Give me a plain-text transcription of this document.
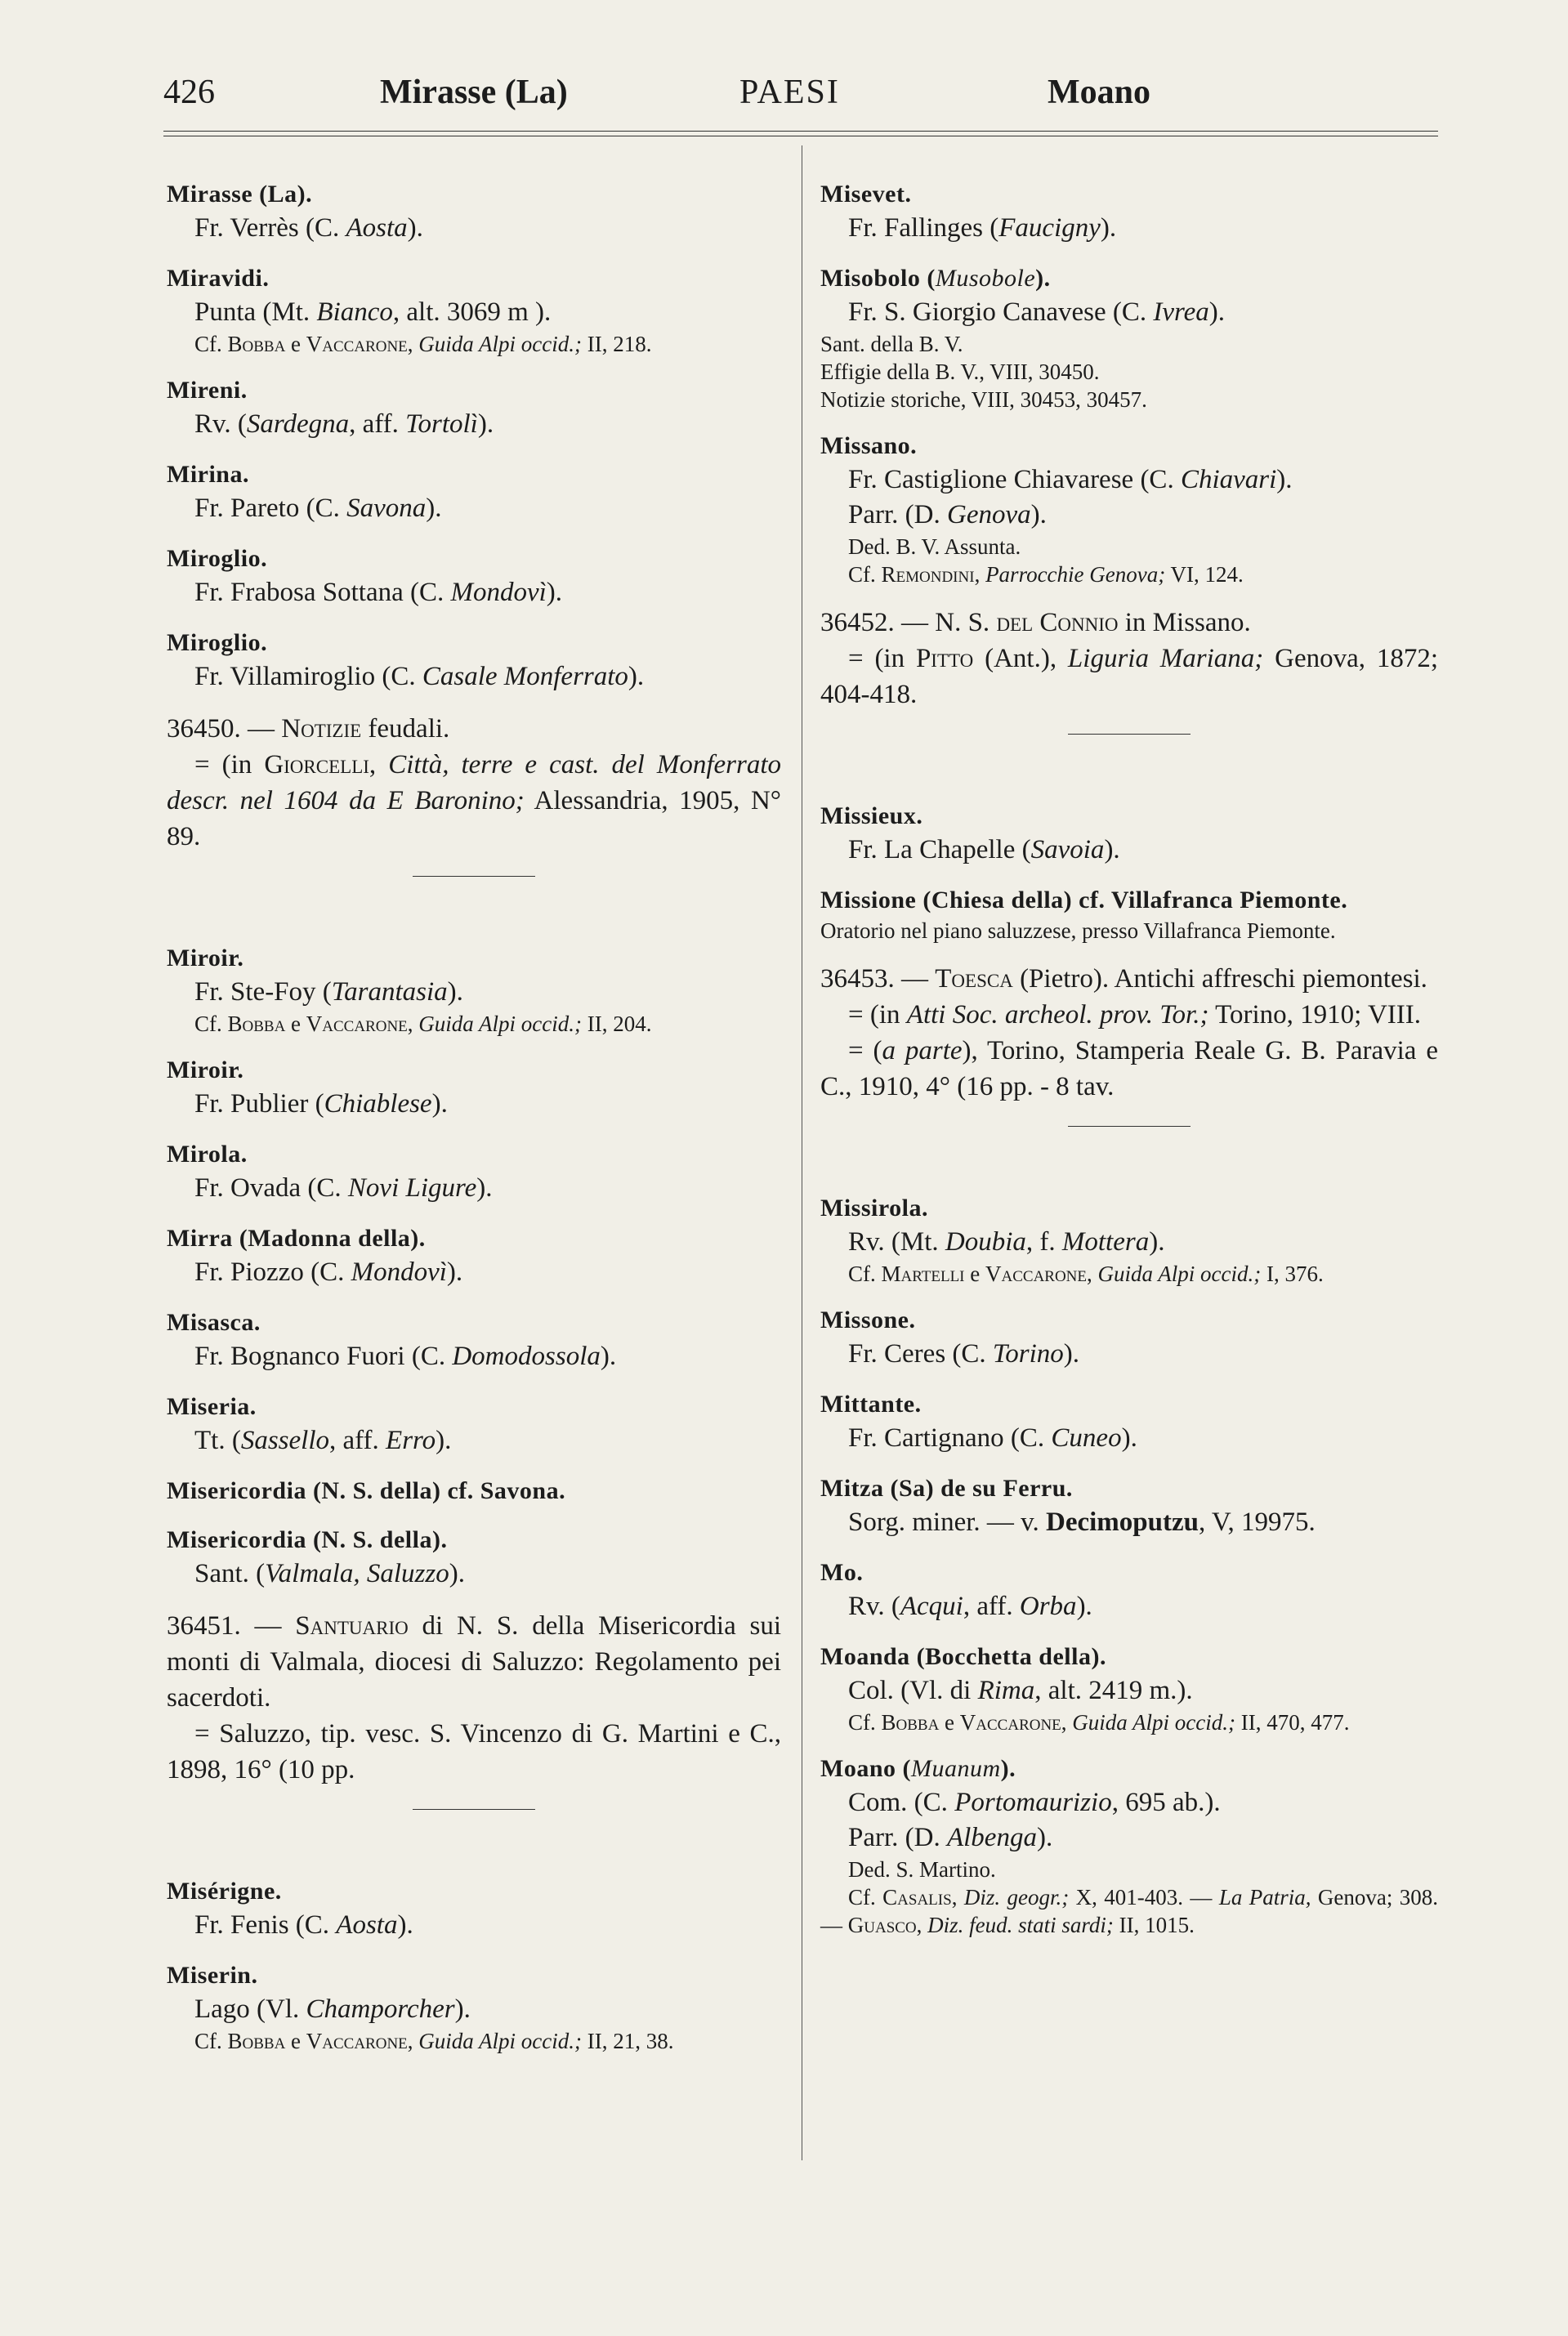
426	Mirasse (La)	PAESI	Moano
Mirasse (La).
Fr. Verrès (C. Aosta).
Miravidi.
Punta (Mt. Bianco, alt. 3069 m ).
Cf. Bobba e Vaccarone, Guida Alpi occid.; II, 218.
Mireni.
Rv. (Sardegna, aff. Tortolì).
Mirina.
Fr. Pareto (C. Savona).
Miroglio.
Fr. Frabosa Sottana (C. Mondovì).
Miroglio.
Fr. Villamiroglio (C. Casale Monferrato).
36450. — Notizie feudali.
= (in Giorcelli, Città, terre e cast. del Monferrato descr. nel 1604 da E Baronino; Alessandria, 1905, N° 89.
Miroir.
Fr. Ste-Foy (Tarantasia).
Cf. Bobba e Vaccarone, Guida Alpi occid.; II, 204.
Miroir.
Fr. Publier (Chiablese).
Mirola.
Fr. Ovada (C. Novi Ligure).
Mirra (Madonna della).
Fr. Piozzo (C. Mondovì).
Misasca.
Fr. Bognanco Fuori (C. Domodossola).
Miseria.
Tt. (Sassello, aff. Erro).
Misericordia (N. S. della) cf. Savona.
Misericordia (N. S. della).
Sant. (Valmala, Saluzzo).
36451. — Santuario di N. S. della Misericordia sui monti di Valmala, diocesi di Saluzzo: Regolamento pei sacerdoti.
= Saluzzo, tip. vesc. S. Vincenzo di G. Martini e C., 1898, 16° (10 pp.
Misérigne.
Fr. Fenis (C. Aosta).
Miserin.
Lago (Vl. Champorcher).
Cf. Bobba e Vaccarone, Guida Alpi occid.; II, 21, 38.
Misevet.
Fr. Fallinges (Faucigny).
Misobolo (Musobole).
Fr. S. Giorgio Canavese (C. Ivrea).
Sant. della B. V.
Effigie della B. V., VIII, 30450.
Notizie storiche, VIII, 30453, 30457.
Missano.
Fr. Castiglione Chiavarese (C. Chiavari).
Parr. (D. Genova).
Ded. B. V. Assunta.
Cf. Remondini, Parrocchie Genova; VI, 124.
36452. — N. S. del Connio in Missano.
= (in Pitto (Ant.), Liguria Mariana; Genova, 1872; 404-418.
Missieux.
Fr. La Chapelle (Savoia).
Missione (Chiesa della) cf. Villafranca Piemonte.
Oratorio nel piano saluzzese, presso Villafranca Piemonte.
36453. — Toesca (Pietro). Antichi affreschi piemontesi.
= (in Atti Soc. archeol. prov. Tor.; Torino, 1910; VIII.
= (a parte), Torino, Stamperia Reale G. B. Paravia e C., 1910, 4° (16 pp. - 8 tav.
Missirola.
Rv. (Mt. Doubia, f. Mottera).
Cf. Martelli e Vaccarone, Guida Alpi occid.; I, 376.
Missone.
Fr. Ceres (C. Torino).
Mittante.
Fr. Cartignano (C. Cuneo).
Mitza (Sa) de su Ferru.
Sorg. miner. — v. Decimoputzu, V, 19975.
Mo.
Rv. (Acqui, aff. Orba).
Moanda (Bocchetta della).
Col. (Vl. di Rima, alt. 2419 m.).
Cf. Bobba e Vaccarone, Guida Alpi occid.; II, 470, 477.
Moano (Muanum).
Com. (C. Portomaurizio, 695 ab.).
Parr. (D. Albenga).
Ded. S. Martino.
Cf. Casalis, Diz. geogr.; X, 401-403. — La Patria, Genova; 308. — Guasco, Diz. feud. stati sardi; II, 1015.
